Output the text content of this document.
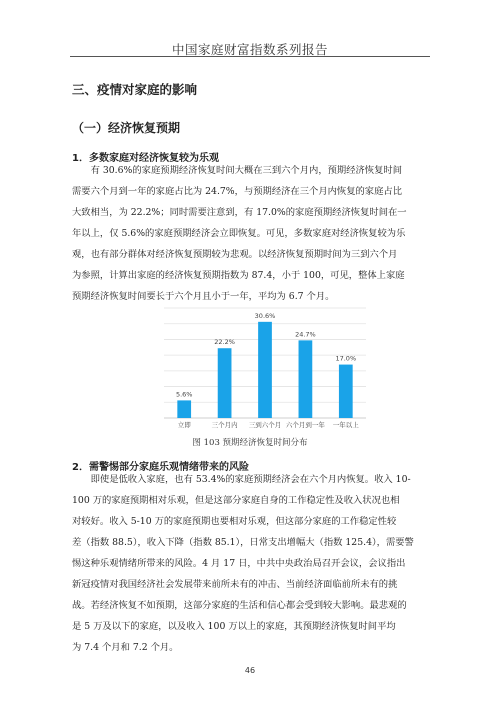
中国家庭财富指数系列报告
三、疫情对家庭的影响
（一）经济恢复预期
1．多数家庭对经济恢复较为乐观
有 30.6%的家庭预期经济恢复时间大概在三到六个月内，预期经济恢复时间
需要六个月到一年的家庭占比为 24.7%，与预期经济在三个月内恢复的家庭占比
大致相当，为 22.2%；同时需要注意到，有 17.0%的家庭预期经济恢复时间在一
年以上，仅 5.6%的家庭预期经济会立即恢复。可见，多数家庭对经济恢复较为乐
观，也有部分群体对经济恢复预期较为悲观。以经济恢复预期时间为三到六个月
为参照，计算出家庭的经济恢复预期指数为 87.4，小于 100，可见，整体上家庭
预期经济恢复时间要长于六个月且小于一年，平均为 6.7 个月。
5.6%
立即
22.2%
三个月内
30.6%
三到六个月
24.7%
六个月到一年
17.0%
一年以上
图 103 预期经济恢复时间分布
2．需警惕部分家庭乐观情绪带来的风险
即使是低收入家庭，也有 53.4%的家庭预期经济会在六个月内恢复。收入 10-
100 万的家庭预期相对乐观，但是这部分家庭自身的工作稳定性及收入状况也相
对较好。收入 5-10 万的家庭预期也要相对乐观，但这部分家庭的工作稳定性较
差（指数 88.5），收入下降（指数 85.1），日常支出增幅大（指数 125.4），需要警
惕这种乐观情绪所带来的风险。4 月 17 日，中共中央政治局召开会议，会议指出
新冠疫情对我国经济社会发展带来前所未有的冲击、当前经济面临前所未有的挑
战。若经济恢复不如预期，这部分家庭的生活和信心都会受到较大影响。最悲观的
是 5 万及以下的家庭，以及收入 100 万以上的家庭，其预期经济恢复时间平均
为 7.4 个月和 7.2 个月。
46
